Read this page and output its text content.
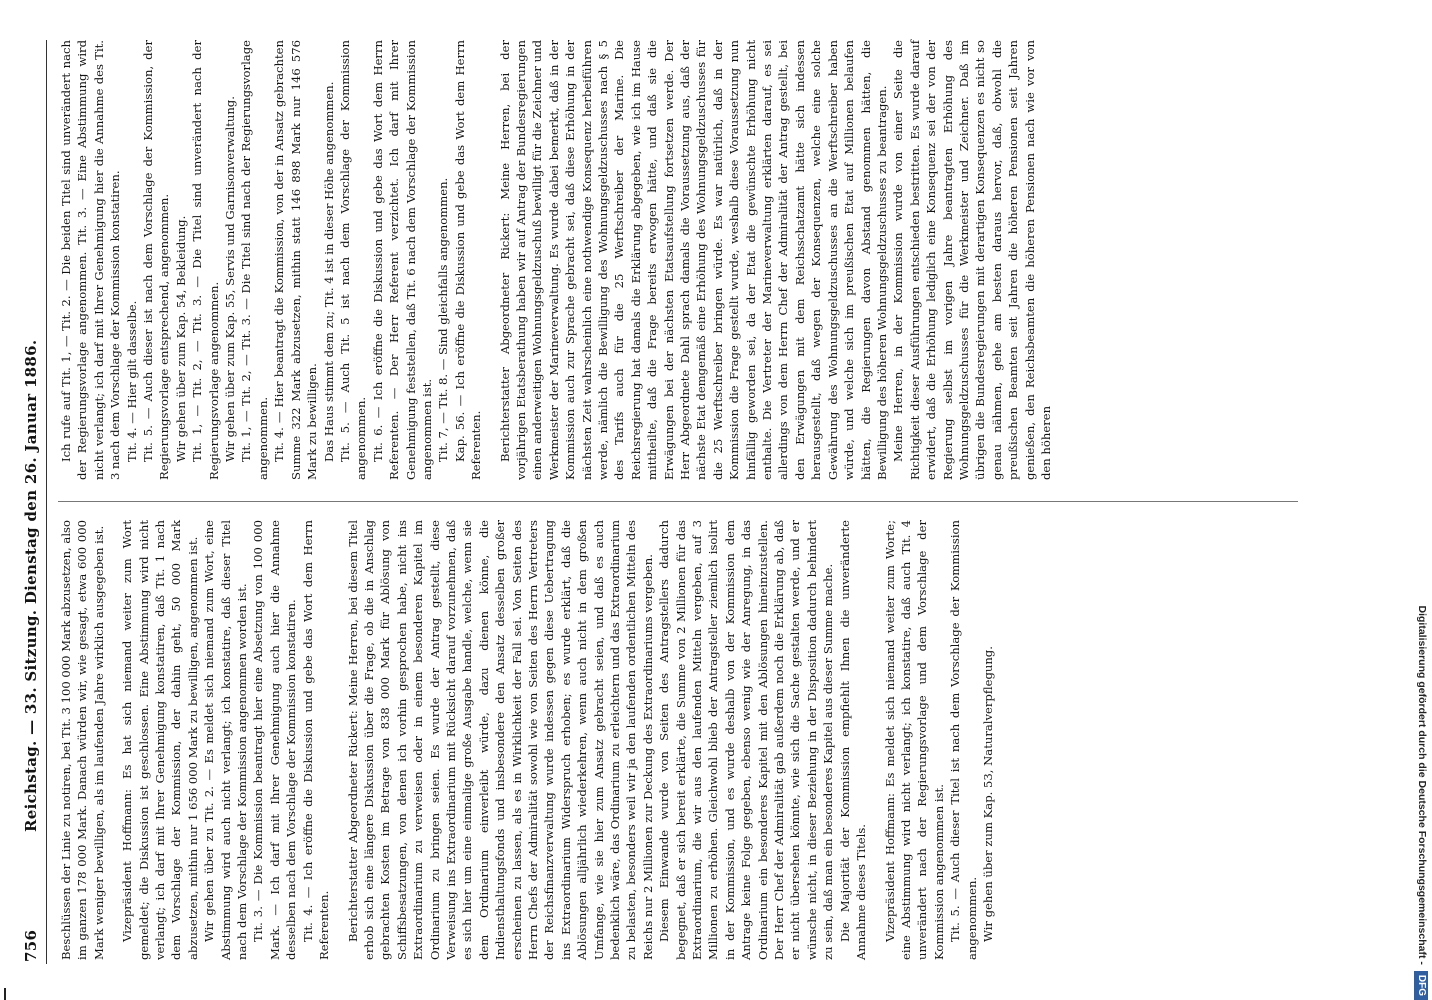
756
Reichstag. — 33. Sitzung. Dienstag den 26. Januar 1886. Beschlüssen der Linie zu notiren, bei Tit. 3 100 000 Mark abzusetzen, also im ganzen 178 000 Mark. Danach würden wir, wie gesagt, etwa 600 000 Mark weniger bewilligen, als im laufenden Jahre wirklich ausgegeben ist. Vizepräsident Hoffmann: Es hat sich niemand weiter zum Wort gemeldet; die Diskussion ist geschlossen. Eine Abstimmung wird nicht verlangt; ich darf mit Ihrer Genehmigung konstatiren, daß Tit. 1 nach dem Vorschlage der Kommission, der dahin geht, 50 000 Mark abzusetzen, mithin nur 1 656 000 Mark zu bewilligen, angenommen ist. Wir gehen über zu Tit. 2. — Es meldet sich niemand zum Wort, eine Abstimmung wird auch nicht verlangt; ich konstatire, daß dieser Titel nach dem Vorschlage der Kommission angenommen worden ist. Tit. 3. — Die Kommission beantragt hier eine Absetzung von 100 000 Mark. — Ich darf mit Ihrer Genehmigung auch hier die Annahme desselben nach dem Vorschlage der Kommission konstatiren. Tit. 4. — Ich eröffne die Diskussion und gebe das Wort dem Herrn Referenten. Berichterstatter Abgeordneter Rickert: Meine Herren, bei diesem Titel erhob sich eine längere Diskussion über die Frage, ob die in Anschlag gebrachten Kosten im Betrage von 838 000 Mark für Ablösung von Schiffsbesatzungen, von denen ich vorhin gesprochen habe, nicht ins Extraordinarium zu verweisen oder in einem besonderen Kapitel im Ordinarium zu bringen seien. Es wurde der Antrag gestellt, diese Verweisung ins Extraordinarium mit Rücksicht darauf vorzunehmen, daß es sich hier um eine einmalige große Ausgabe handle, welche, wenn sie dem Ordinarium einverleibt würde, dazu dienen könne, die Indiensthaltungsfonds und insbesondere den Ansatz desselben großer erscheinen zu lassen, als es in Wirklichkeit der Fall sei. Von Seiten des Herrn Chefs der Admiralität sowohl wie von Seiten des Herrn Vertreters der Reichsfinanzverwaltung wurde indessen gegen diese Uebertragung ins Extraordinarium Widerspruch erhoben; es wurde erklärt, daß die Ablösungen alljährlich wiederkehren, wenn auch nicht in dem großen Umfange, wie sie hier zum Ansatz gebracht seien, und daß es auch bedenklich wäre, das Ordinarium zu erleichtern und das Extraordinarium zu belasten, besonders weil wir ja den laufenden ordentlichen Mitteln des Reichs nur 2 Millionen zur Deckung des Extraordinariums vergeben. Diesem Einwande wurde von Seiten des Antragstellers dadurch begegnet, daß er sich bereit erklärte, die Summe von 2 Millionen für das Extraordinarium, die wir aus den laufenden Mitteln vergeben, auf 3 Millionen zu erhöhen. Gleichwohl blieb der Antragsteller ziemlich isolirt in der Kommission, und es wurde deshalb von der Kommission dem Antrage keine Folge gegeben, ebenso wenig wie der Anregung, in das Ordinarium ein besonderes Kapitel mit den Ablösungen hineinzustellen. Der Herr Chef der Admiralität gab außerdem noch die Erklärung ab, daß er nicht übersehen könnte, wie sich die Sache gestalten werde, und er wünsche nicht, in dieser Beziehung in der Disposition dadurch behindert zu sein, daß man ein besonderes Kapitel aus dieser Summe mache. Die Majorität der Kommission empfiehlt Ihnen die unveränderte Annahme dieses Titels. Vizepräsident Hoffmann: Es meldet sich niemand weiter zum Worte; eine Abstimmung wird nicht verlangt; ich konstatire, daß auch Tit. 4 unverändert nach der Regierungsvorlage und dem Vorschlage der Kommission angenommen ist. Tit. 5. — Auch dieser Titel ist nach dem Vorschlage der Kommission angenommen. Wir gehen über zum Kap. 53, Naturalverpflegung.

Ich rufe auf Tit. 1, — Tit. 2. — Die beiden Titel sind unverändert nach der Regierungsvorlage angenommen. Tit. 3. — Eine Abstimmung wird nicht verlangt; ich darf mit Ihrer Genehmigung hier die Annahme des Tit. 3 nach dem Vorschlage der Kommission konstatiren. Tit. 4. — Hier gilt dasselbe. Tit. 5. — Auch dieser ist nach dem Vorschlage der Kommission, der Regierungsvorlage entsprechend, angenommen. Wir gehen über zum Kap. 54, Bekleidung. Tit. 1, — Tit. 2, — Tit. 3. — Die Titel sind unverändert nach der Regierungsvorlage angenommen. Wir gehen über zum Kap. 55, Servis und Garnisonverwaltung. Tit. 1, — Tit. 2, — Tit. 3. — Die Titel sind nach der Regierungsvorlage angenommen. Tit. 4. — Hier beantragt die Kommission, von der in Ansatz gebrachten Summe 322 Mark abzusetzen, mithin statt 146 898 Mark nur 146 576 Mark zu bewilligen. Das Haus stimmt dem zu; Tit. 4 ist in dieser Höhe angenommen. Tit. 5. — Auch Tit. 5 ist nach dem Vorschlage der Kommission angenommen. Tit. 6. — Ich eröffne die Diskussion und gebe das Wort dem Herrn Referenten. — Der Herr Referent verzichtet. Ich darf mit Ihrer Genehmigung feststellen, daß Tit. 6 nach dem Vorschlage der Kommission angenommen ist. Tit. 7, — Tit. 8. — Sind gleichfalls angenommen. Kap. 56. — Ich eröffne die Diskussion und gebe das Wort dem Herrn Referenten. Berichterstatter Abgeordneter Rickert: Meine Herren, bei der vorjährigen Etatsberathung haben wir auf Antrag der Bundesregierungen einen anderweitigen Wohnungsgeldzuschuß bewilligt für die Zeichner und Werkmeister der Marineverwaltung. Es wurde dabei bemerkt, daß in der Kommission auch zur Sprache gebracht sei, daß diese Erhöhung in der nächsten Zeit wahrscheinlich eine nothwendige Konsequenz herbeiführen werde, nämlich die Bewilligung des Wohnungsgeldzuschusses nach § 5 des Tarifs auch für die 25 Werftschreiber der Marine. Die Reichsregierung hat damals die Erklärung abgegeben, wie ich im Hause mittheilte, daß die Frage bereits erwogen hätte, und daß sie die Erwägungen bei der nächsten Etatsaufstellung fortsetzen werde. Der Herr Abgeordnete Dahl sprach damals die Voraussetzung aus, daß der nächste Etat demgemäß eine Erhöhung des Wohnungsgeldzuschusses für die 25 Werftschreiber bringen würde. Es war natürlich, daß in der Kommission die Frage gestellt wurde, weshalb diese Voraussetzung nun hinfällig geworden sei, da der Etat die gewünschte Erhöhung nicht enthalte. Die Vertreter der Marineverwaltung erklärten darauf, es sei allerdings von dem Herrn Chef der Admiralität der Antrag gestellt, bei den Erwägungen mit dem Reichsschatzamt hätte sich indessen herausgestellt, daß wegen der Konsequenzen, welche eine solche Gewährung des Wohnungsgeldzuschusses an die Werftschreiber haben würde, und welche sich im preußischen Etat auf Millionen belaufen hätten, die Regierungen davon Abstand genommen hätten, die Bewilligung des höheren Wohnungsgeldzuschusses zu beantragen. Meine Herren, in der Kommission wurde von einer Seite die Richtigkeit dieser Ausführungen entschieden bestritten. Es wurde darauf erwidert, daß die Erhöhung lediglich eine Konsequenz sei der von der Regierung selbst im vorigen Jahre beantragten Erhöhung des Wohnungsgeldzuschusses für die Werkmeister und Zeichner. Daß im übrigen die Bundesregierungen mit derartigen Konsequenzen es nicht so genau nähmen, gehe am besten daraus hervor, daß, obwohl die preußischen Beamten seit Jahren die höheren Pensionen seit Jahren genießen, den Reichsbeamten die höheren Pensionen nach wie vor von den höheren

Digitalisierung gefördert durch die Deutsche Forschungsgemeinschaft -DFG
